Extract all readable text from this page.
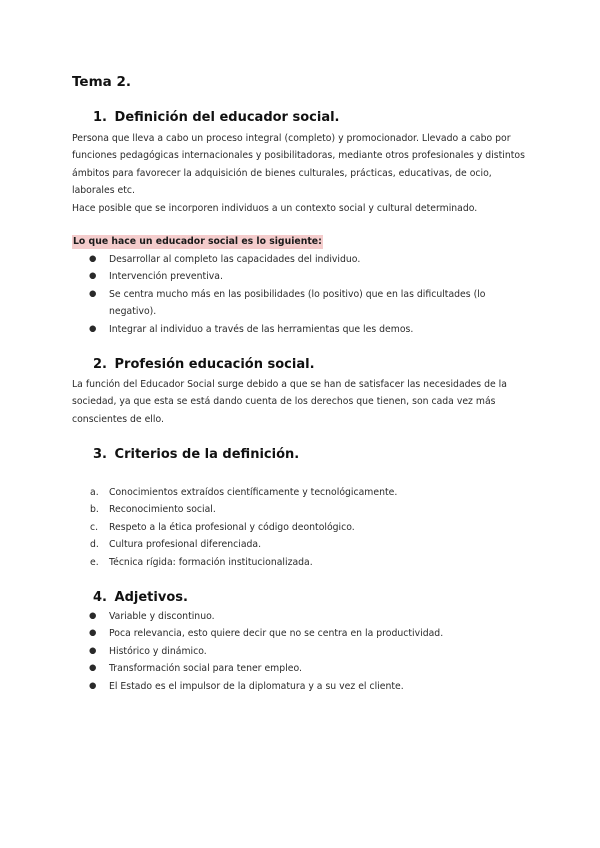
Tema 2.
1. Definición del educador social.

Persona que lleva a cabo un proceso integral (completo) y promocionador. Llevado a cabo por funciones pedagógicas internacionales y posibilitadoras, mediante otros profesionales y distintos ámbitos para favorecer la adquisición de bienes culturales, prácticas, educativas, de ocio, laborales etc.

Hace posible que se incorporen individuos a un contexto social y cultural determinado.

Lo que hace un educador social es lo siguiente:
● Desarrollar al completo las capacidades del individuo.
● Intervención preventiva.
● Se centra mucho más en las posibilidades (lo positivo) que en las dificultades (lo negativo).
● Integrar al individuo a través de las herramientas que les demos.
2. Profesión educación social.

La función del Educador Social surge debido a que se han de satisfacer las necesidades de la sociedad, ya que esta se está dando cuenta de los derechos que tienen, son cada vez más conscientes de ello.

3. Criterios de la definición.
a. Conocimientos extraídos científicamente y tecnológicamente.
b. Reconocimiento social.
c. Respeto a la ética profesional y código deontológico.
d. Cultura profesional diferenciada.
e. Técnica rígida: formación institucionalizada.
4. Adjetivos.
● Variable y discontinuo.
● Poca relevancia, esto quiere decir que no se centra en la productividad.
● Histórico y dinámico.
● Transformación social para tener empleo.
● El Estado es el impulsor de la diplomatura y a su vez el cliente.
